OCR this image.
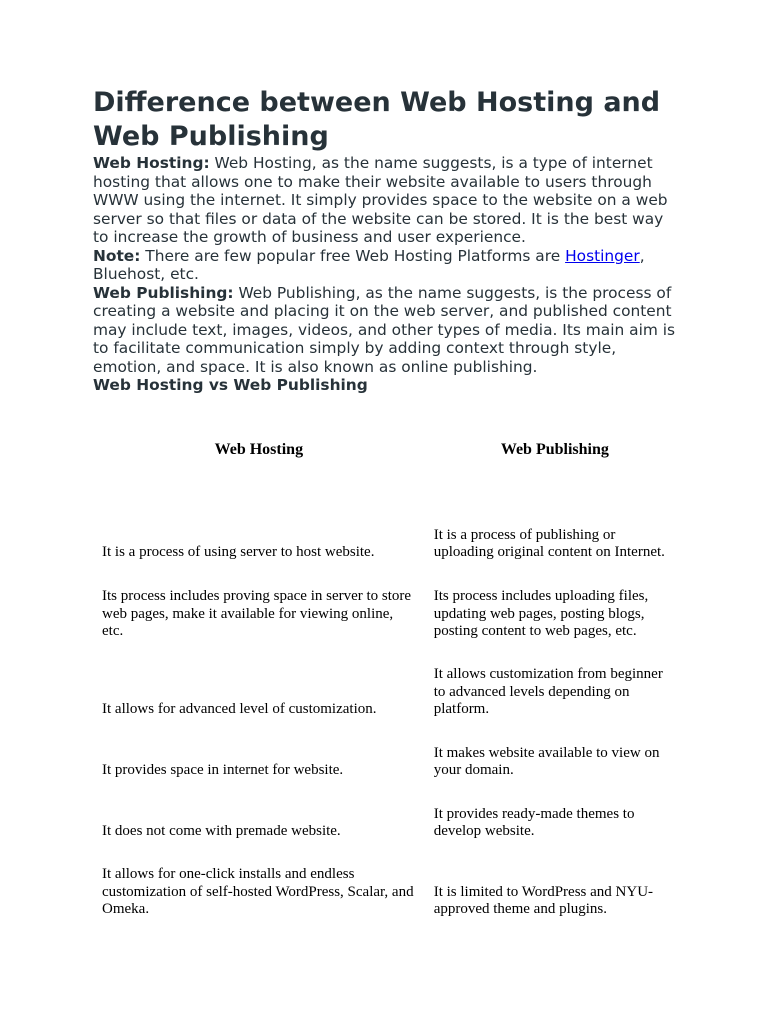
Difference between Web Hosting and Web Publishing

Web Hosting: Web Hosting, as the name suggests, is a type of internet hosting that allows one to make their website available to users through WWW using the internet. It simply provides space to the website on a web server so that files or data of the website can be stored. It is the best way to increase the growth of business and user experience.

Note: There are few popular free Web Hosting Platforms are Hostinger, Bluehost, etc.

Web Publishing: Web Publishing, as the name suggests, is the process of creating a website and placing it on the web server, and published content may include text, images, videos, and other types of media. Its main aim is to facilitate communication simply by adding context through style, emotion, and space. It is also known as online publishing.

Web Hosting vs Web Publishing
Web Hosting	Web Publishing
It is a process of using server to host website.	It is a process of publishing or uploading original content on Internet.
Its process includes proving space in server to store web pages, make it available for viewing online, etc.	Its process includes uploading files, updating web pages, posting blogs, posting content to web pages, etc.
It allows for advanced level of customization.	It allows customization from beginner to advanced levels depending on platform.
It provides space in internet for website.	It makes website available to view on your domain.
It does not come with premade website.	It provides ready-made themes to develop website.
It allows for one-click installs and endless customization of self-hosted WordPress, Scalar, and Omeka.	It is limited to WordPress and NYU-approved theme and plugins.
